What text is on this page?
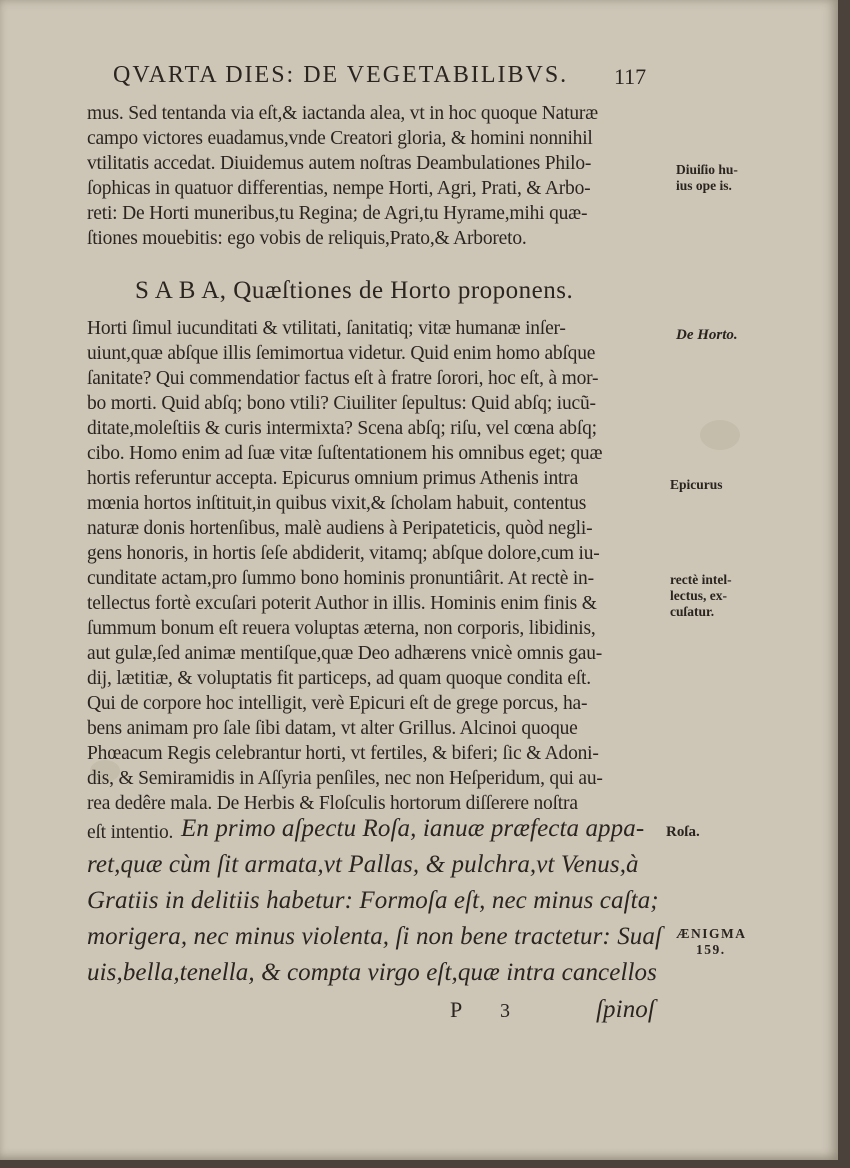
QVARTA DIES: DE VEGETABILIBVS. 117
mus. Sed tentanda via eſt,& iactanda alea, vt in hoc quoque Naturæ
campo victores euadamus,vnde Creatori gloria, & homini nonnihil
vtilitatis accedat. Diuidemus autem noſtras Deambulationes Philo-
ſophicas in quatuor differentias, nempe Horti, Agri, Prati, & Arbo-
reti: De Horti muneribus,tu Regina; de Agri,tu Hyrame,mihi quæ-
ſtiones mouebitis: ego vobis de reliquis,Prato,& Arboreto.
S A B A, Quæſtiones de Horto proponens.
Horti ſimul iucunditati & vtilitati, ſanitatiq; vitæ humanæ inſer-
uiunt,quæ abſque illis ſemimortua videtur. Quid enim homo abſque
ſanitate? Qui commendatior factus eſt à fratre ſorori, hoc eſt, à mor-
bo morti. Quid abſq; bono vtili? Ciuiliter ſepultus: Quid abſq; iucũ-
ditate,moleſtiis & curis intermixta? Scena abſq; riſu, vel cœna abſq;
cibo. Homo enim ad ſuæ vitæ ſuſtentationem his omnibus eget; quæ
hortis referuntur accepta. Epicurus omnium primus Athenis intra
mœnia hortos inſtituit,in quibus vixit,& ſcholam habuit, contentus
naturæ donis hortenſibus, malè audiens à Peripateticis, quòd negli-
gens honoris, in hortis ſeſe abdiderit, vitamq; abſque dolore,cum iu-
cunditate actam,pro ſummo bono hominis pronuntiârit. At rectè in-
tellectus fortè excuſari poterit Author in illis. Hominis enim finis &
ſummum bonum eſt reuera voluptas æterna, non corporis, libidinis,
aut gulæ,ſed animæ mentiſque,quæ Deo adhærens vnicè omnis gau-
dij, lætitiæ, & voluptatis fit particeps, ad quam quoque condita eſt.
Qui de corpore hoc intelligit, verè Epicuri eſt de grege porcus, ha-
bens animam pro ſale ſibi datam, vt alter Grillus. Alcinoi quoque
Phœacum Regis celebrantur horti, vt fertiles, & biferi; ſic & Adoni-
dis, & Semiramidis in Aſſyria penſiles, nec non Heſperidum, qui au-
rea dedêre mala. De Herbis & Floſculis hortorum diſſerere noſtra
eſt intentio. En primo aſpectu Roſa, ianuæ præfecta appa-
ret,quæ cùm ſit armata,vt Pallas, & pulchra,vt Venus,à
Gratiis in delitiis habetur: Formoſa eſt, nec minus caſta;
morigera, nec minus violenta, ſi non bene tractetur: Suaſ
uis,bella,tenella, & compta virgo eſt,quæ intra cancellos
P 3	ſpinoſ
Diuiſio hu-
ius ope is.
De Horto.
Epicurus
rectè intel-
lectus, ex-
cuſatur.
Roſa.
ÆNIGMA
159.
